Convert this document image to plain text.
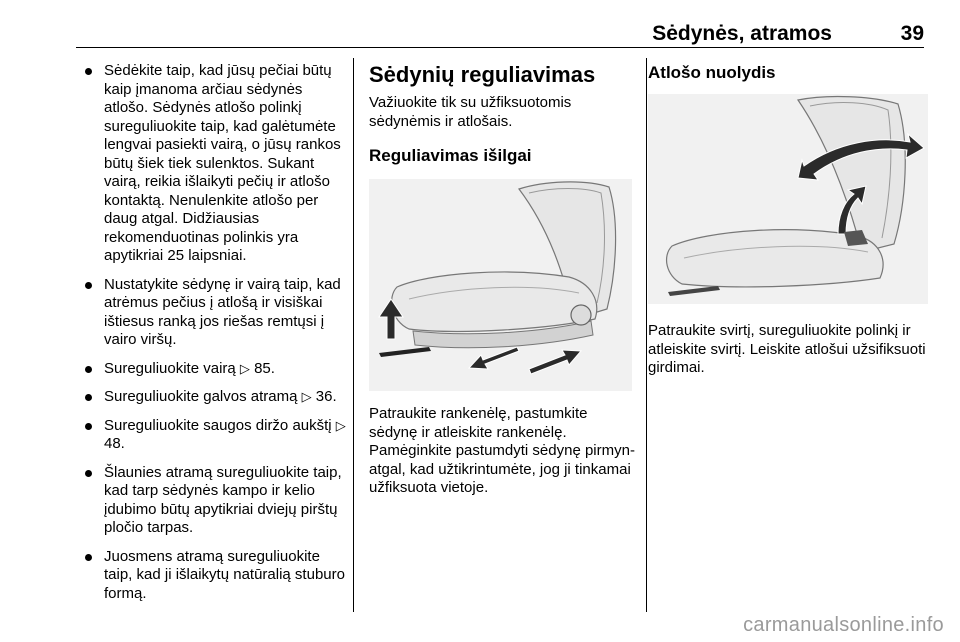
Sėdynės, atramos	39
Sėdėkite taip, kad jūsų pečiai būtų kaip įmanoma arčiau sėdynės atlošo. Sėdynės atlošo polinkį sureguliuokite taip, kad galėtumėte lengvai pasiekti vairą, o jūsų rankos būtų šiek tiek sulenktos. Sukant vairą, reikia išlaikyti pečių ir atlošo kontaktą. Nenulenkite atlošo per daug atgal. Didžiausias rekomenduotinas polinkis yra apytikriai 25 laipsniai.
Nustatykite sėdynę ir vairą taip, kad atrėmus pečius į atlošą ir visiškai ištiesus ranką jos riešas remtųsi į vairo viršų.
Sureguliuokite vairą ▷ 85.
Sureguliuokite galvos atramą ▷ 36.
Sureguliuokite saugos diržo aukštį ▷ 48.
Šlaunies atramą sureguliuokite taip, kad tarp sėdynės kampo ir kelio įdubimo būtų apytikriai dviejų pirštų pločio tarpas.
Juosmens atramą sureguliuokite taip, kad ji išlaikytų natūralią stuburo formą.
Sėdynių reguliavimas

Važiuokite tik su užfiksuotomis sėdynėmis ir atlošais.

Reguliavimas išilgai

Patraukite rankenėlę, pastumkite sėdynę ir atleiskite rankenėlę. Pamėginkite pastumdyti sėdynę pirmyn-atgal, kad užtikrintumėte, jog ji tinkamai užfiksuota vietoje.

Atlošo nuolydis

Patraukite svirtį, sureguliuokite polinkį ir atleiskite svirtį. Leiskite atlošui užsifiksuoti girdimai.

carmanualsonline.info
